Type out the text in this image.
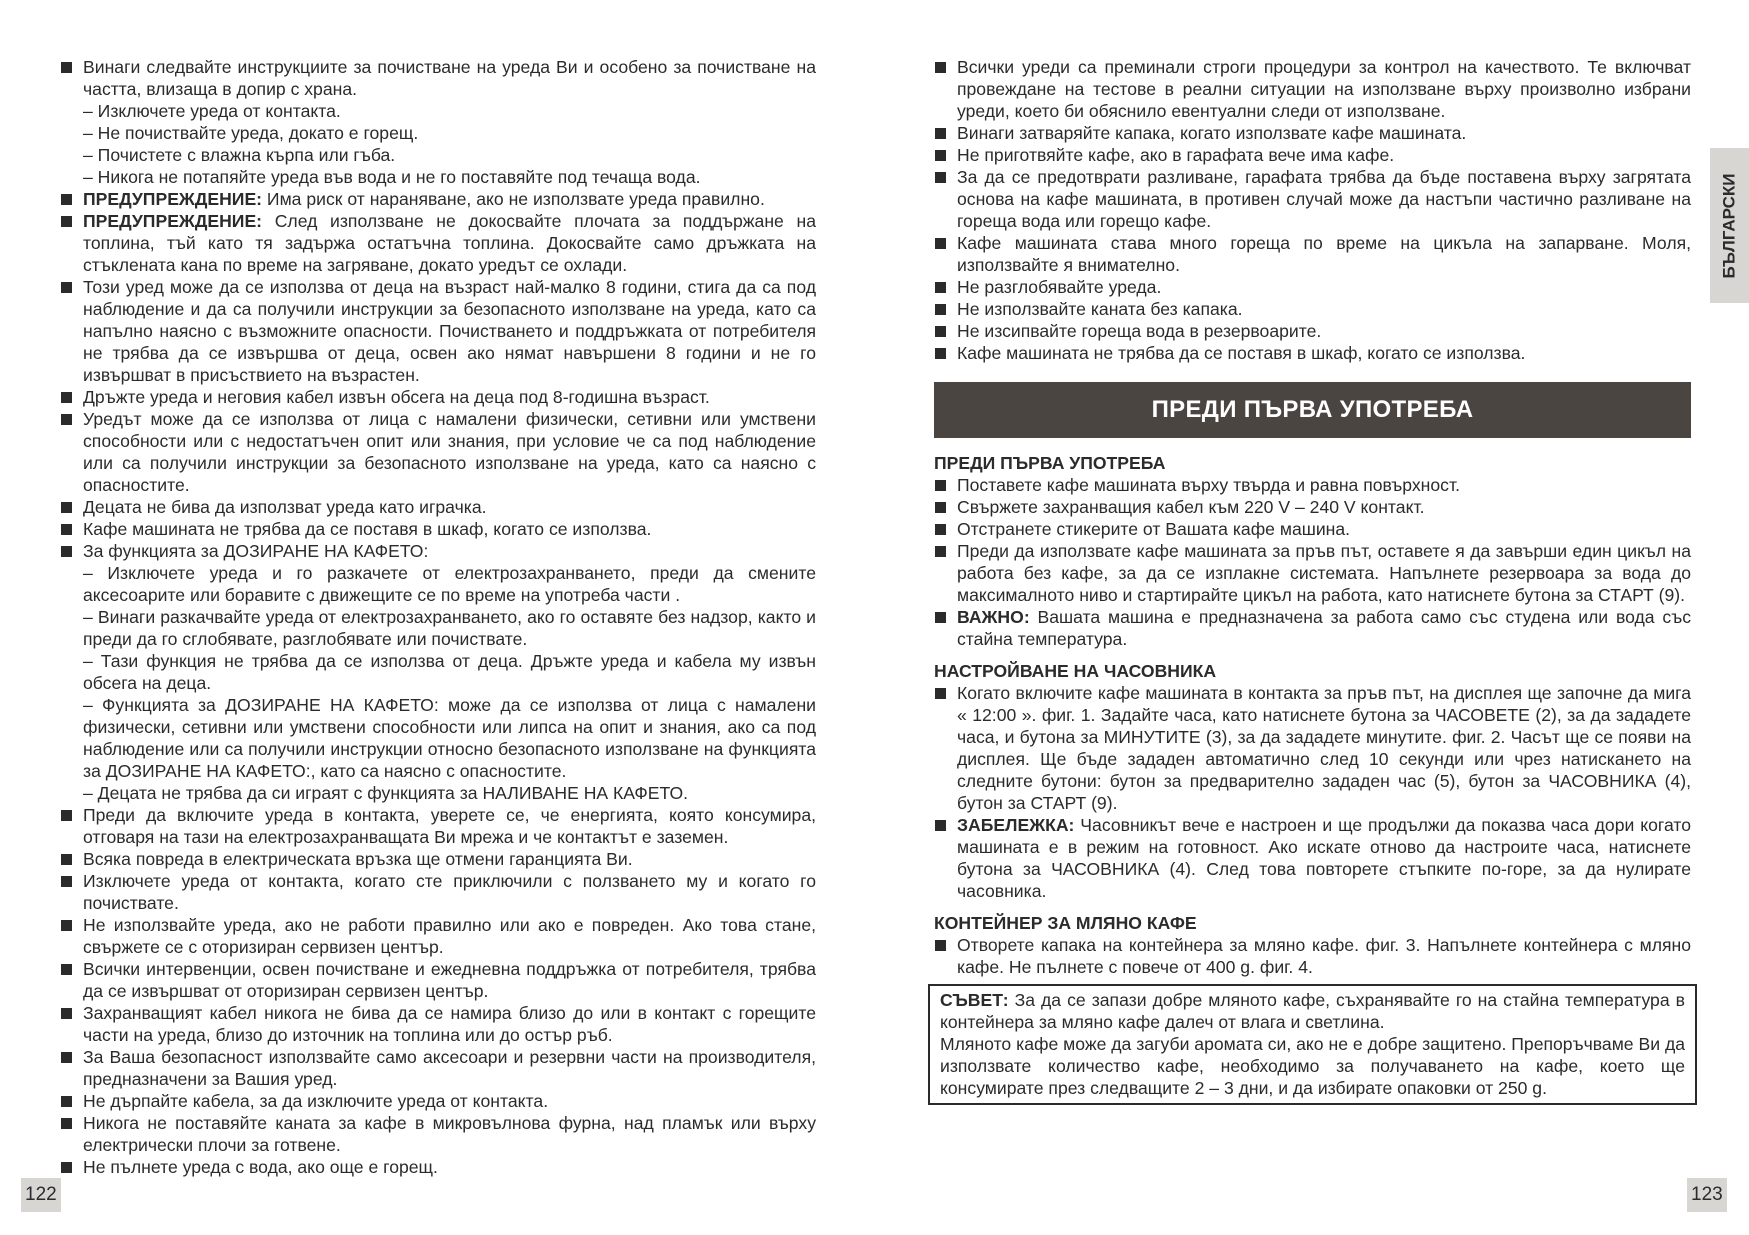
Винаги следвайте инструкциите за почистване на уреда Ви и особено за почистване на частта, влизаща в допир с храна.
– Изключете уреда от контакта.
– Не почиствайте уреда, докато е горещ.
– Почистете с влажна кърпа или гъба.
– Никога не потапяйте уреда във вода и не го поставяйте под течаща вода.
ПРЕДУПРЕЖДЕНИЕ: Има риск от нараняване, ако не използвате уреда правилно.
ПРЕДУПРЕЖДЕНИЕ: След използване не докосвайте плочата за поддържане на топлина, тъй като тя задържа остатъчна топлина. Докосвайте само дръжката на стъклената кана по време на загряване, докато уредът се охлади.
Този уред може да се използва от деца на възраст най-малко 8 години, стига да са под наблюдение и да са получили инструкции за безопасното използване на уреда, като са напълно наясно с възможните опасности. Почистването и поддръжката от потребителя не трябва да се извършва от деца, освен ако нямат навършени 8 години и не го извършват в присъствието на възрастен.
Дръжте уреда и неговия кабел извън обсега на деца под 8-годишна възраст.
Уредът може да се използва от лица с намалени физически, сетивни или умствени способности или с недостатъчен опит или знания, при условие че са под наблюдение или са получили инструкции за безопасното използване на уреда, като са наясно с опасностите.
Децата не бива да използват уреда като играчка.
Кафе машината не трябва да се поставя в шкаф, когато се използва.
За функцията за ДОЗИРАНЕ НА КАФЕТО:
– Изключете уреда и го разкачете от електрозахранването, преди да смените аксесоарите или боравите с движещите се по време на употреба части .
– Винаги разкачвайте уреда от електрозахранването, ако го оставяте без надзор, както и преди да го сглобявате, разглобявате или почиствате.
– Тази функция не трябва да се използва от деца. Дръжте уреда и кабела му извън обсега на деца.
– Функцията за ДОЗИРАНЕ НА КАФЕТО: може да се използва от лица с намалени физически, сетивни или умствени способности или липса на опит и знания, ако са под наблюдение или са получили инструкции относно безопасното използване на функцията за ДОЗИРАНЕ НА КАФЕТО:, като са наясно с опасностите.
– Децата не трябва да си играят с функцията за НАЛИВАНЕ НА КАФЕТО.
Преди да включите уреда в контакта, уверете се, че енергията, която консумира, отговаря на тази на електрозахранващата Ви мрежа и че контактът е заземен.
Всяка повреда в електрическата връзка ще отмени гаранцията Ви.
Изключете уреда от контакта, когато сте приключили с ползването му и когато го почиствате.
Не използвайте уреда, ако не работи правилно или ако е повреден. Ако това стане, свържете се с оторизиран сервизен център.
Всички интервенции, освен почистване и ежедневна поддръжка от потребителя, трябва да се извършват от оторизиран сервизен център.
Захранващият кабел никога не бива да се намира близо до или в контакт с горещите части на уреда, близо до източник на топлина или до остър ръб.
За Ваша безопасност използвайте само аксесоари и резервни части на производителя, предназначени за Вашия уред.
Не дърпайте кабела, за да изключите уреда от контакта.
Никога не поставяйте каната за кафе в микровълнова фурна, над пламък или върху електрически плочи за готвене.
Не пълнете уреда с вода, ако още е горещ.
Всички уреди са преминали строги процедури за контрол на качеството. Те включват провеждане на тестове в реални ситуации на използване върху произволно избрани уреди, което би обяснило евентуални следи от използване.
Винаги затваряйте капака, когато използвате кафе машината.
Не приготвяйте кафе, ако в гарафата вече има кафе.
За да се предотврати разливане, гарафата трябва да бъде поставена върху загрятата основа на кафе машината, в противен случай може да настъпи частично разливане на гореща вода или горещо кафе.
Кафе машината става много гореща по време на цикъла на запарване. Моля, използвайте я внимателно.
Не разглобявайте уреда.
Не използвайте каната без капака.
Не изсипвайте гореща вода в резервоарите.
Кафе машината не трябва да се поставя в шкаф, когато се използва.
ПРЕДИ ПЪРВА УПОТРЕБА
ПРЕДИ ПЪРВА УПОТРЕБА
Поставете кафе машината върху твърда и равна повърхност.
Свържете захранващия кабел към 220 V – 240 V контакт.
Отстранете стикерите от Вашата кафе машина.
Преди да използвате кафе машината за пръв път, оставете я да завърши един цикъл на работа без кафе, за да се изплакне системата. Напълнете резервоара за вода до максималното ниво и стартирайте цикъл на работа, като натиснете бутона за СТАРТ (9).
ВАЖНО: Вашата машина е предназначена за работа само със студена или вода със стайна температура.
НАСТРОЙВАНЕ НА ЧАСОВНИКА
Когато включите кафе машината в контакта за пръв път, на дисплея ще започне да мига « 12:00 ». фиг. 1. Задайте часа, като натиснете бутона за ЧАСОВЕТЕ (2), за да зададете часа, и бутона за МИНУТИТЕ (3), за да зададете минутите. фиг. 2. Часът ще се появи на дисплея. Ще бъде зададен автоматично след 10 секунди или чрез натискането на следните бутони: бутон за предварително зададен час (5), бутон за ЧАСОВНИКА (4), бутон за СТАРТ (9).
ЗАБЕЛЕЖКА: Часовникът вече е настроен и ще продължи да показва часа дори когато машината е в режим на готовност. Ако искате отново да настроите часа, натиснете бутона за ЧАСОВНИКА (4). След това повторете стъпките по-горе, за да нулирате часовника.
КОНТЕЙНЕР ЗА МЛЯНО КАФЕ
Отворете капака на контейнера за мляно кафе. фиг. 3. Напълнете контейнера с мляно кафе. Не пълнете с повече от 400 g. фиг. 4.
СЪВЕТ: За да се запази добре мляното кафе, съхранявайте го на стайна температура в контейнера за мляно кафе далеч от влага и светлина.
Мляното кафе може да загуби аромата си, ако не е добре защитено. Препоръчваме Ви да използвате количество кафе, необходимо за получаването на кафе, което ще консумирате през следващите 2 – 3 дни, и да избирате опаковки от 250 g.
БЪЛГАРСКИ
122	123
